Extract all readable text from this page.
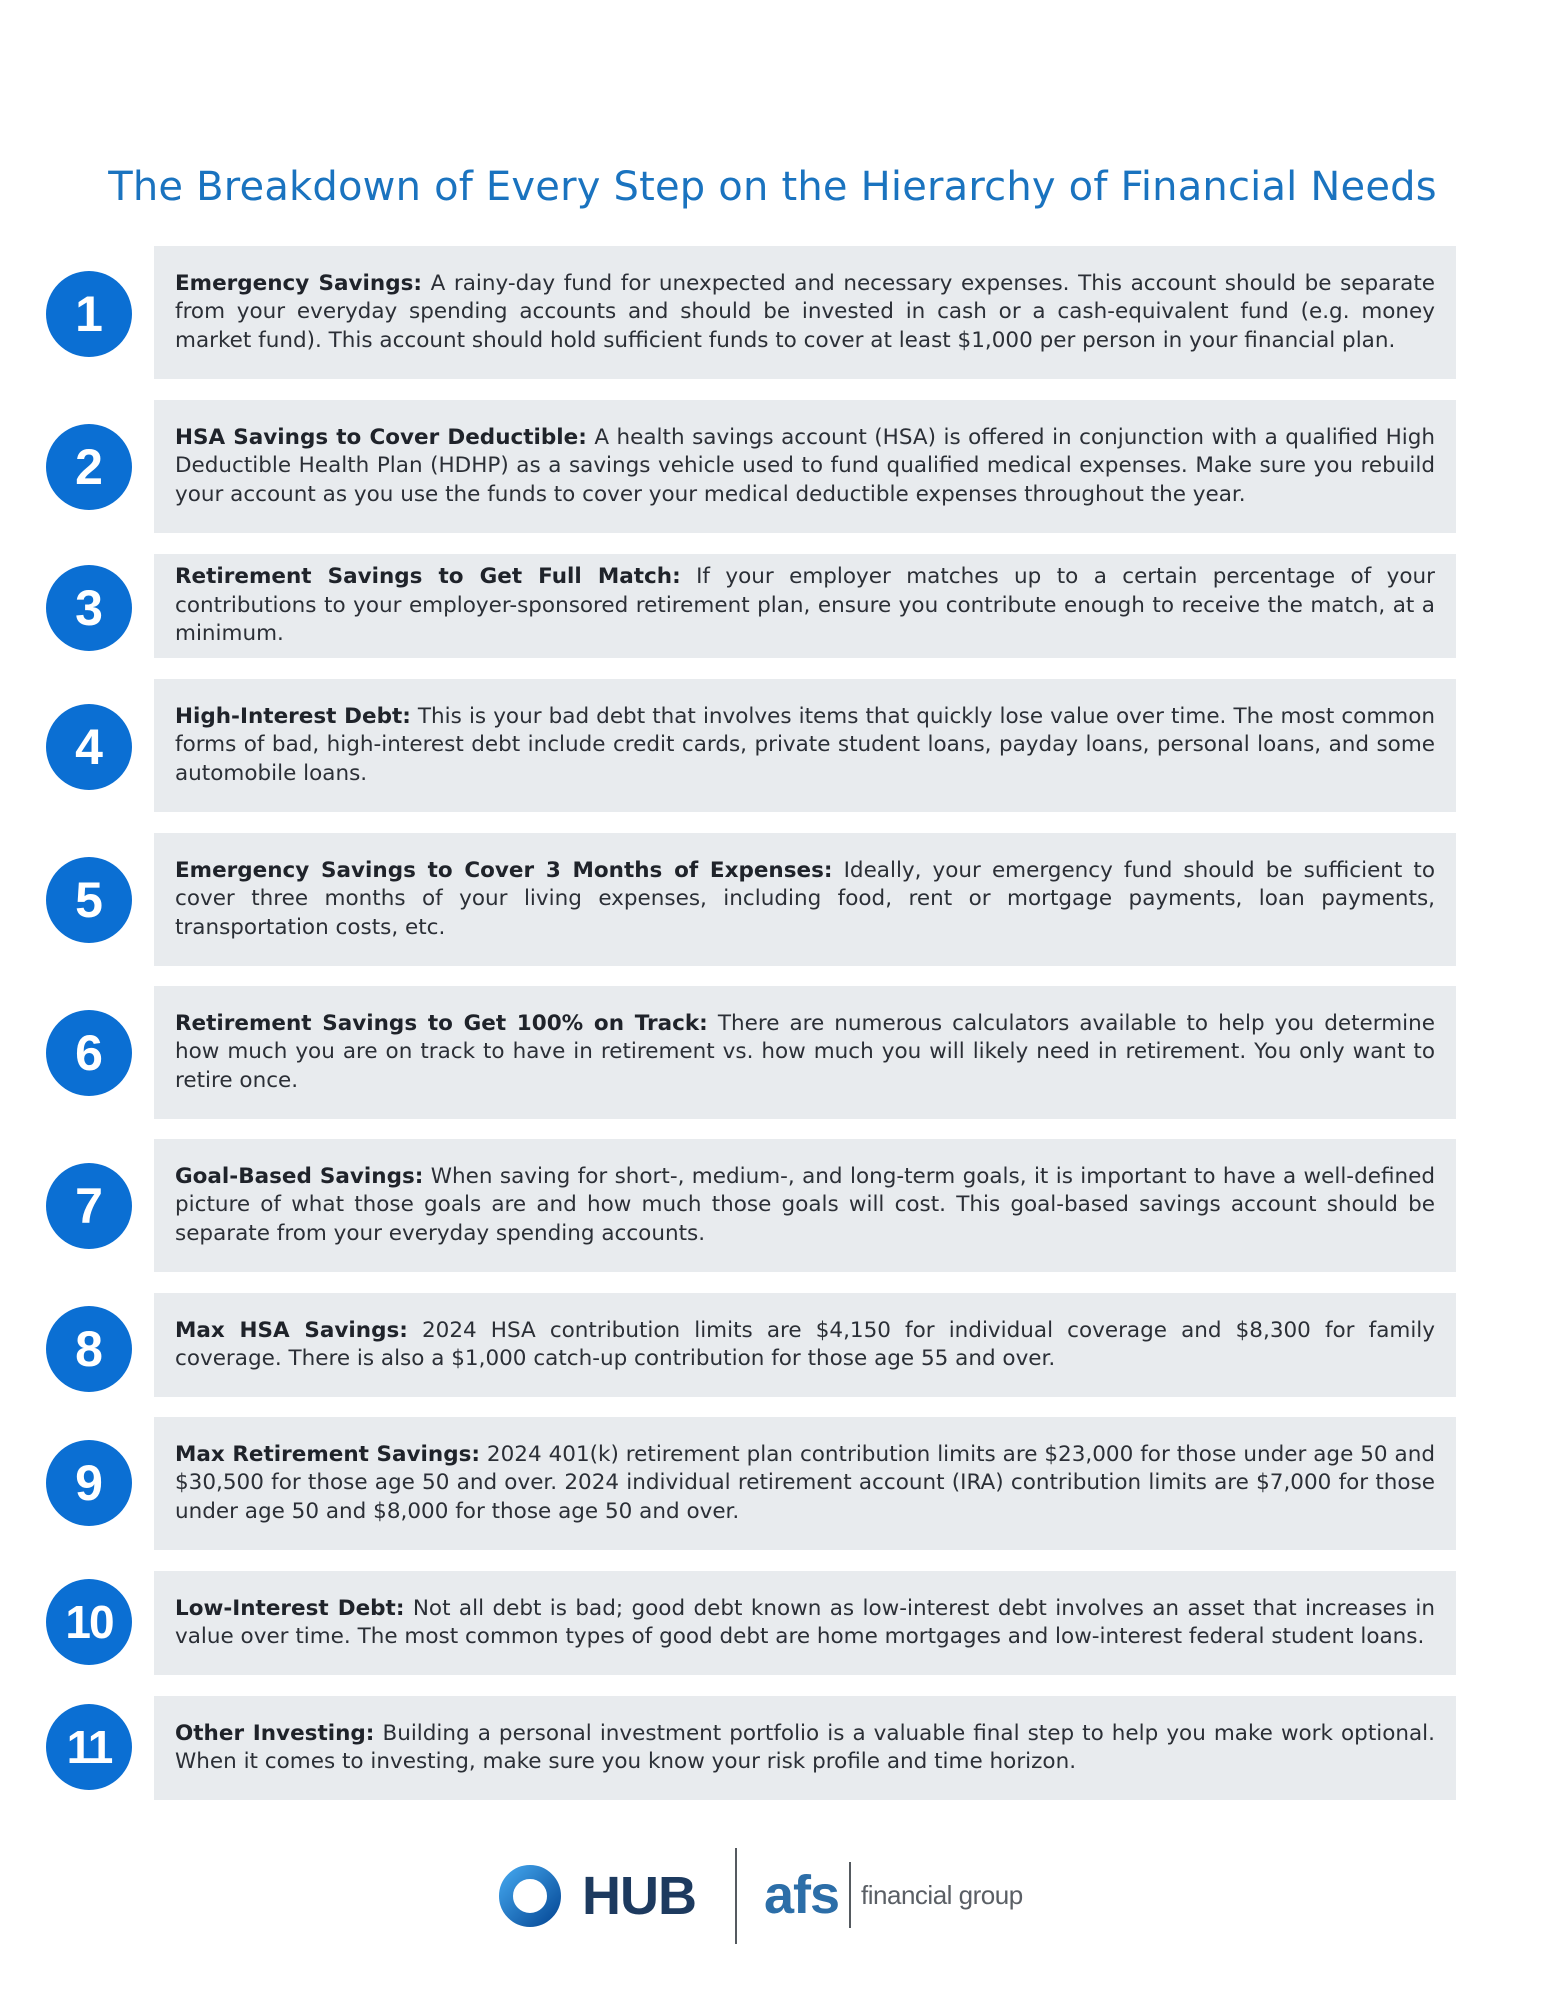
The Breakdown of Every Step on the Hierarchy of Financial Needs
1

Emergency Savings: A rainy-day fund for unexpected and necessary expenses. This account should be separate from your everyday spending accounts and should be invested in cash or a cash-equivalent fund (e.g. money market fund). This account should hold sufficient funds to cover at least $1,000 per person in your financial plan.

2

HSA Savings to Cover Deductible: A health savings account (HSA) is offered in conjunction with a qualified High Deductible Health Plan (HDHP) as a savings vehicle used to fund qualified medical expenses. Make sure you rebuild your account as you use the funds to cover your medical deductible expenses throughout the year.

3

Retirement Savings to Get Full Match: If your employer matches up to a certain percentage of your contributions to your employer-sponsored retirement plan, ensure you contribute enough to receive the match, at a minimum.

4

High-Interest Debt: This is your bad debt that involves items that quickly lose value over time. The most common forms of bad, high-interest debt include credit cards, private student loans, payday loans, personal loans, and some automobile loans.

5

Emergency Savings to Cover 3 Months of Expenses: Ideally, your emergency fund should be sufficient to cover three months of your living expenses, including food, rent or mortgage payments, loan payments, transportation costs, etc.

6

Retirement Savings to Get 100% on Track: There are numerous calculators available to help you determine how much you are on track to have in retirement vs. how much you will likely need in retirement. You only want to retire once.

7

Goal-Based Savings: When saving for short-, medium-, and long-term goals, it is important to have a well-defined picture of what those goals are and how much those goals will cost. This goal-based savings account should be separate from your everyday spending accounts.

8	Max HSA Savings: 2024 HSA contribution limits are $4,150 for individual coverage and $8,300 for family coverage. There is also a $1,000 catch-up contribution for those age 55 and over.

9

Max Retirement Savings: 2024 401(k) retirement plan contribution limits are $23,000 for those under age 50 and $30,500 for those age 50 and over. 2024 individual retirement account (IRA) contribution limits are $7,000 for those under age 50 and $8,000 for those age 50 and over.

10	Low-Interest Debt: Not all debt is bad; good debt known as low-interest debt involves an asset that increases in value over time. The most common types of good debt are home mortgages and low-interest federal student loans.

11	Other Investing: Building a personal investment portfolio is a valuable final step to help you make work optional. When it comes to investing, make sure you know your risk profile and time horizon.

HUB afs financial group
